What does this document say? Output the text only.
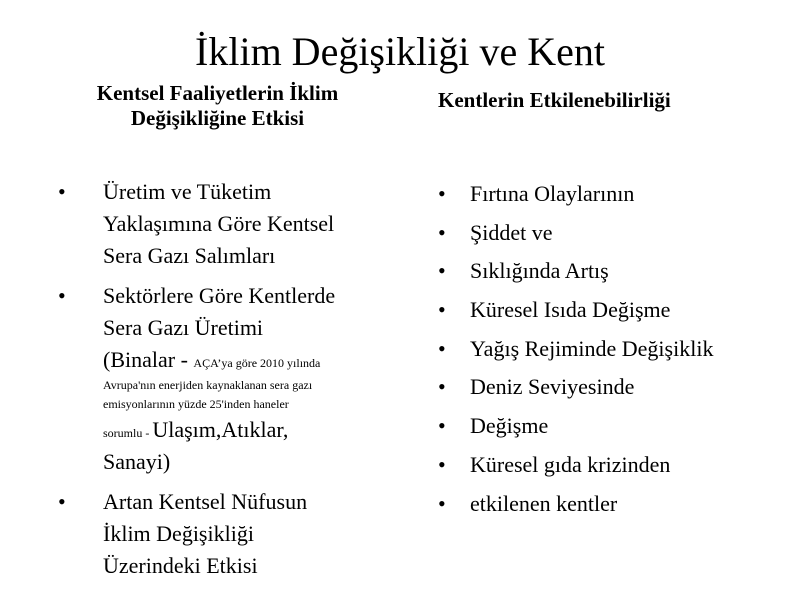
İklim Değişikliği ve Kent
Kentsel Faaliyetlerin İklim
Değişikliğine Etkisi
Kentlerin Etkilenebilirliği
• Üretim ve Tüketim
Yaklaşımına Göre Kentsel
Sera Gazı Salımları
• Sektörlere Göre Kentlerde
Sera Gazı Üretimi
(Binalar - AÇA’ya göre 2010 yılında

Avrupa'nın enerjiden kaynaklanan sera gazı
emisyonlarının yüzde 25'inden haneler
sorumlu - Ulaşım,Atıklar,
Sanayi)
• Artan Kentsel Nüfusun
İklim Değişikliği
Üzerindeki Etkisi
• Fırtına Olaylarının
• Şiddet ve
• Sıklığında Artış
• Küresel Isıda Değişme
• Yağış Rejiminde Değişiklik
• Deniz Seviyesinde
• Değişme
• Küresel gıda krizinden
• etkilenen kentler
